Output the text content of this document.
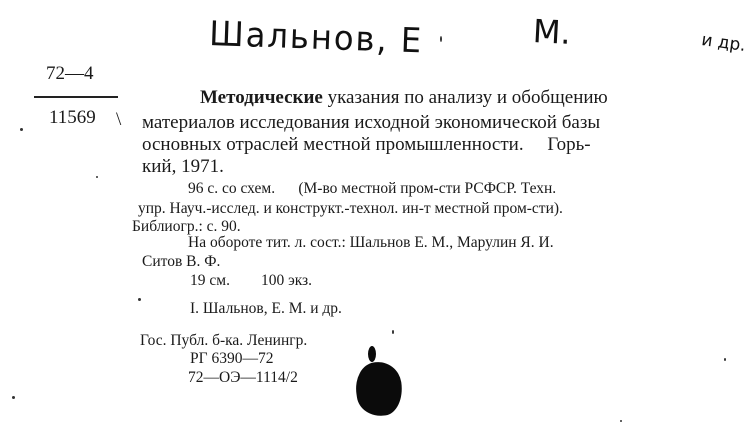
Шальнов, Е	М.	и др.
72—4
11569 \
Методические указания по анализу и обобщению
материалов исследования исходной экономической базы
основных отраслей местной промышленности.     Горь-
кий, 1971.
96 с. со схем.      (М-во местной пром-сти РСФСР. Техн.
упр. Науч.-исслед. и конструкт.-технол. ин-т местной пром-сти).
Библиогр.: с. 90.
На обороте тит. л. сост.: Шальнов Е. М., Марулин Я. И.
Ситов В. Ф.
19 см.        100 экз.
I. Шальнов, Е. М. и др.
Гос. Публ. б-ка. Ленингр.
РГ 6390—72
72—ОЭ—1114/2
